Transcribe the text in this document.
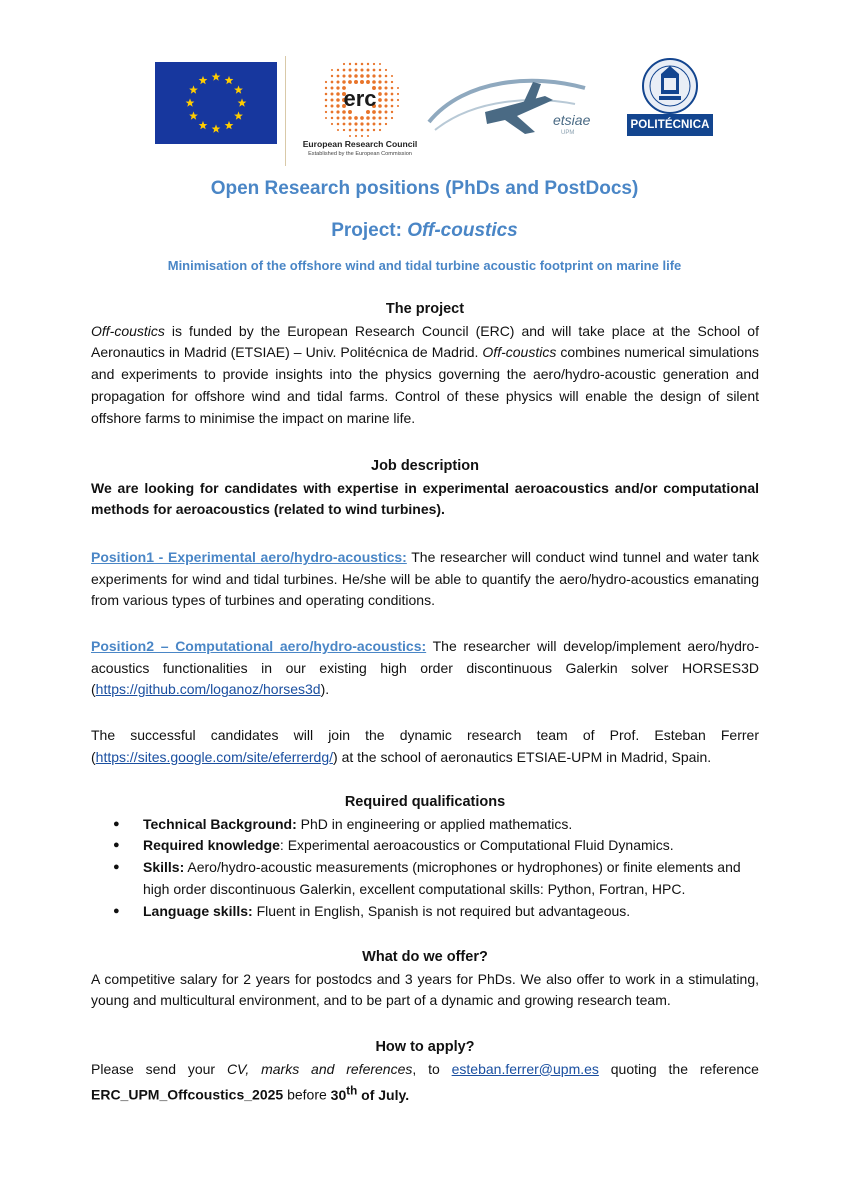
erc
European Research Council
Established by the European Commission
etsiae
UPM
POLITÉCNICA
Open Research positions (PhDs and PostDocs)
Project: Off-coustics
Minimisation of the offshore wind and tidal turbine acoustic footprint on marine life
The project
Off-coustics is funded by the European Research Council (ERC) and will take place at the School of Aeronautics in Madrid (ETSIAE) – Univ. Politécnica de Madrid. Off-coustics combines numerical simulations and experiments to provide insights into the physics governing the aero/hydro-acoustic generation and propagation for offshore wind and tidal farms. Control of these physics will enable the design of silent offshore farms to minimise the impact on marine life.
Job description
We are looking for candidates with expertise in experimental aeroacoustics and/or computational methods for aeroacoustics (related to wind turbines).
Position1 - Experimental aero/hydro-acoustics: The researcher will conduct wind tunnel and water tank experiments for wind and tidal turbines. He/she will be able to quantify the aero/hydro-acoustics emanating from various types of turbines and operating conditions.
Position2 – Computational aero/hydro-acoustics: The researcher will develop/implement aero/hydro-acoustics functionalities in our existing high order discontinuous Galerkin solver HORSES3D (https://github.com/loganoz/horses3d).
The successful candidates will join the dynamic research team of Prof. Esteban Ferrer (https://sites.google.com/site/eferrerdg/) at the school of aeronautics ETSIAE-UPM in Madrid, Spain.
Required qualifications
● Technical Background: PhD in engineering or applied mathematics.
● Required knowledge: Experimental aeroacoustics or Computational Fluid Dynamics.
● Skills: Aero/hydro-acoustic measurements (microphones or hydrophones) or finite elements and high order discontinuous Galerkin, excellent computational skills: Python, Fortran, HPC.
● Language skills: Fluent in English, Spanish is not required but advantageous.
What do we offer?
A competitive salary for 2 years for postodcs and 3 years for PhDs. We also offer to work in a stimulating, young and multicultural environment, and to be part of a dynamic and growing research team.
How to apply?
Please send your CV, marks and references, to esteban.ferrer@upm.es quoting the reference ERC_UPM_Offcoustics_2025 before 30th of July.
